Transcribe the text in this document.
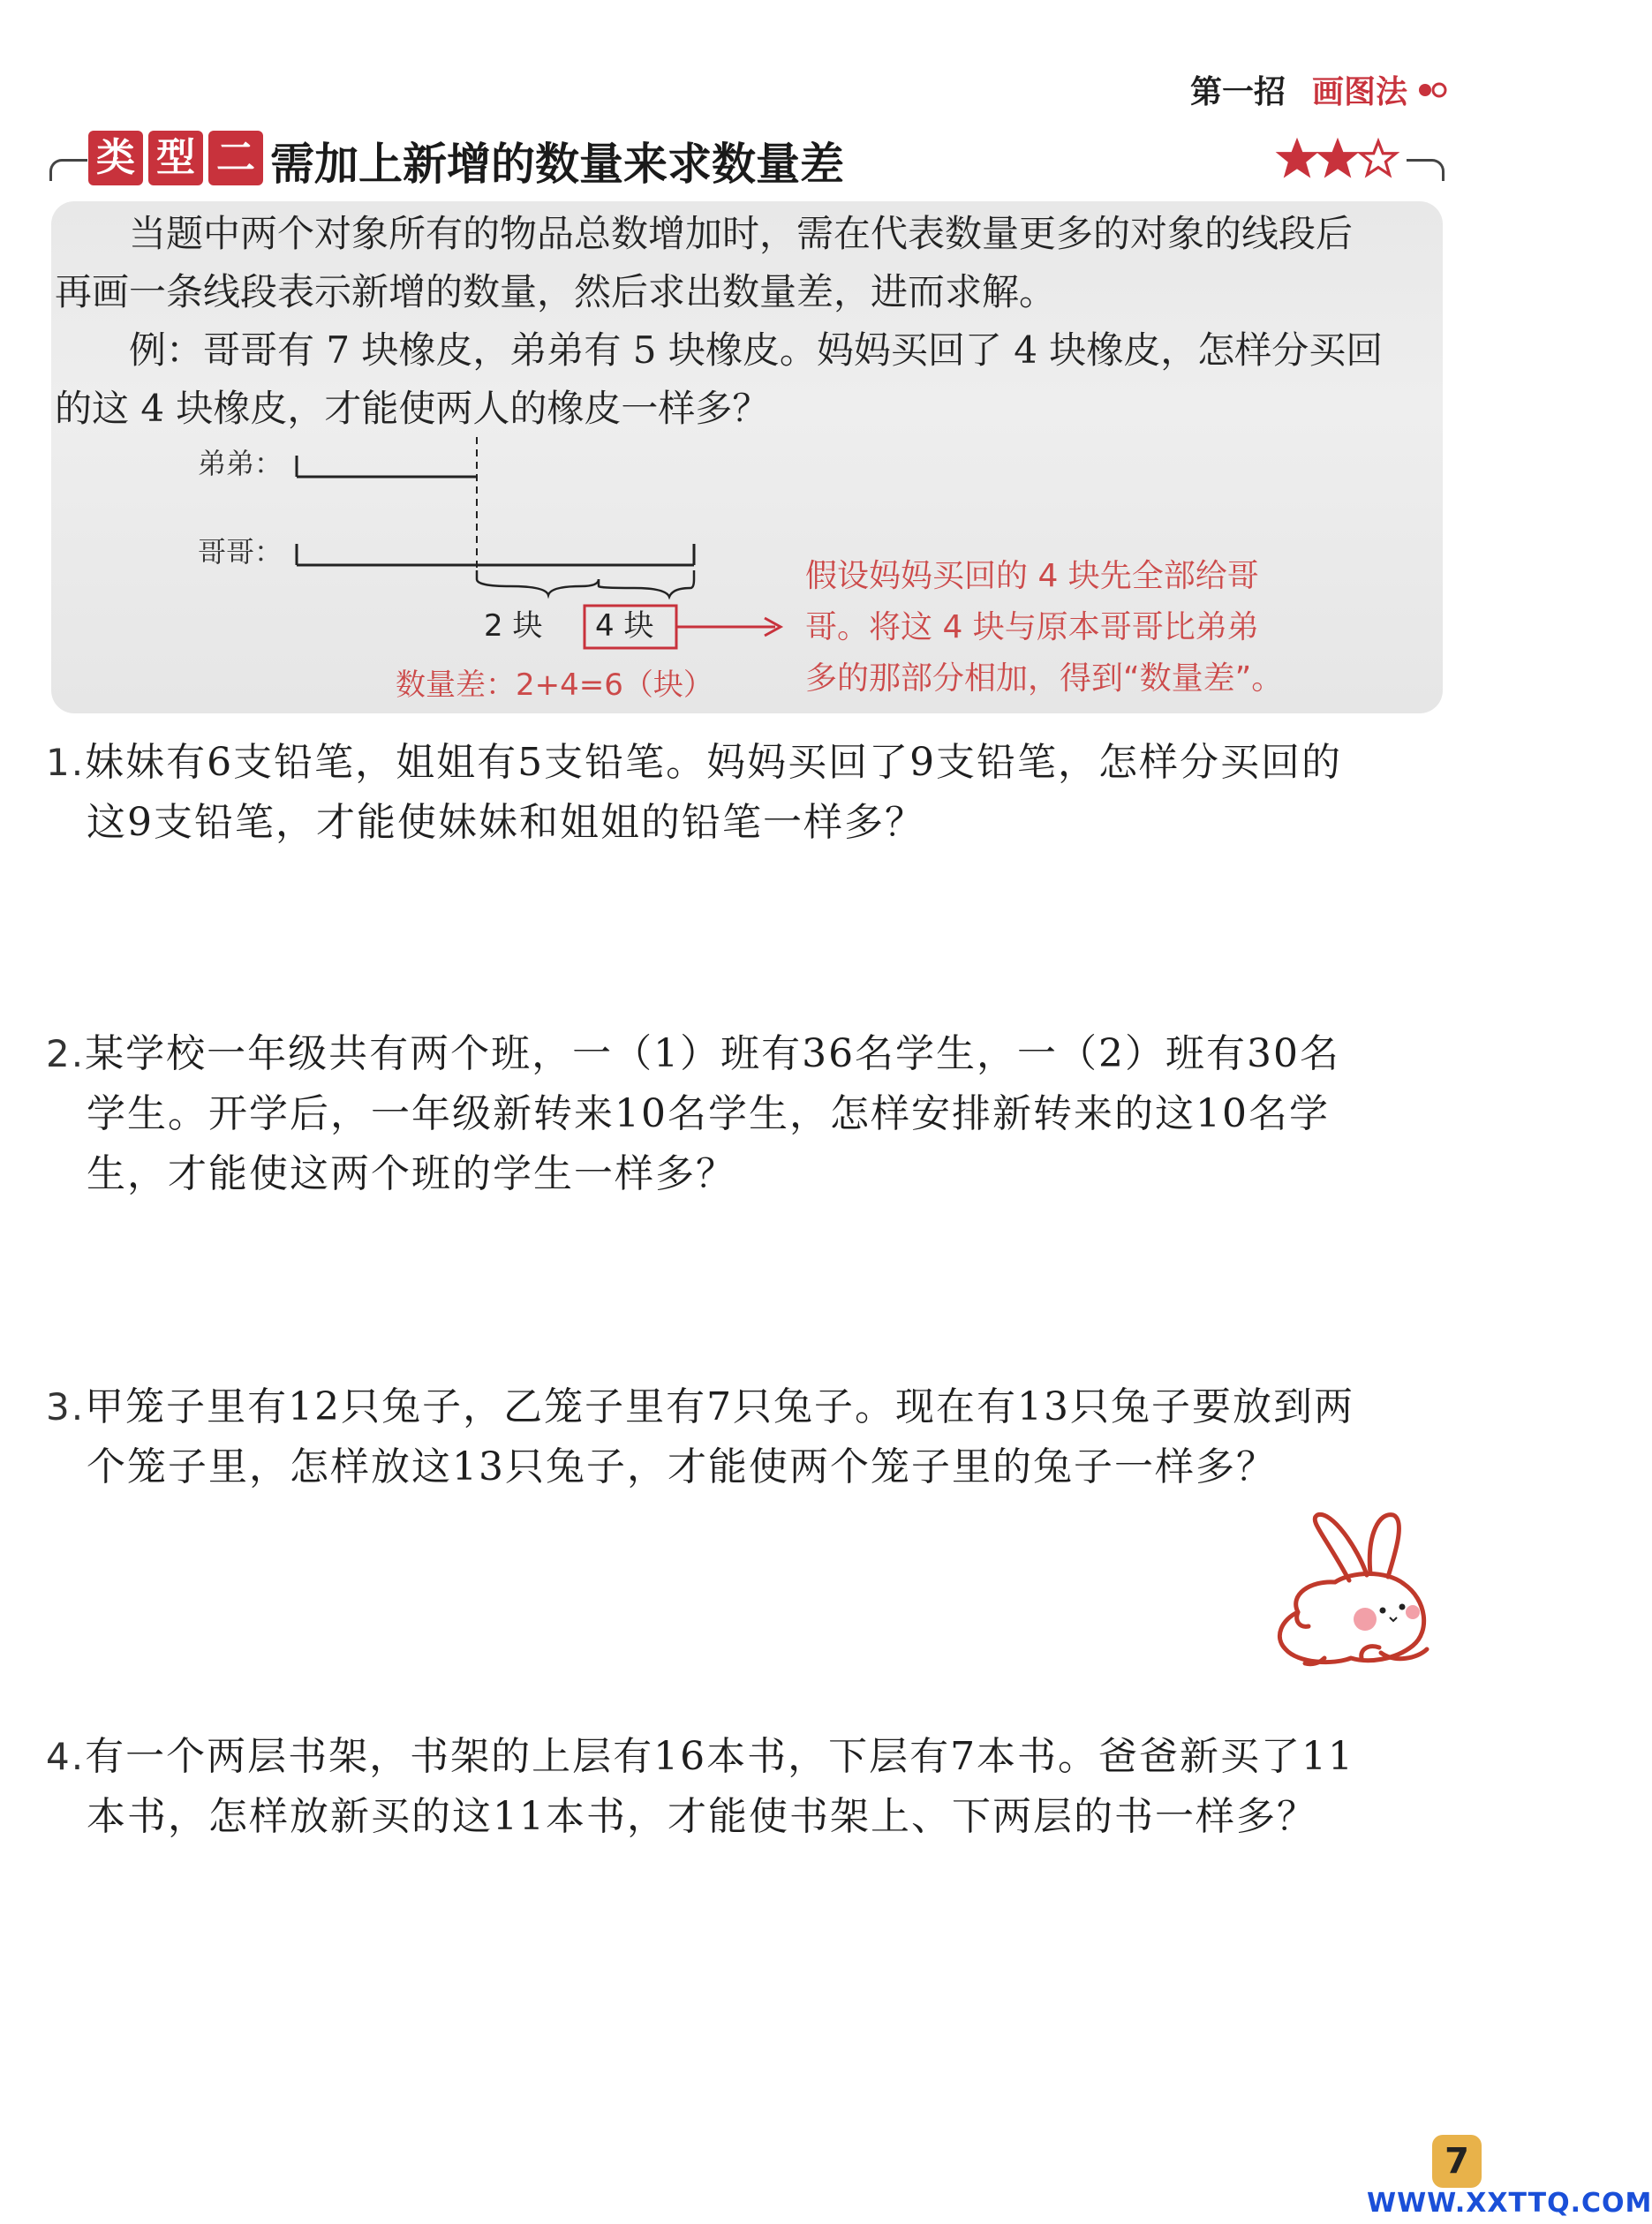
第一招 画图法
类 型 二 需加上新增的数量来求数量差

当题中两个对象所有的物品总数增加时，需在代表数量更多的对象的线段后

再画一条线段表示新增的数量，然后求出数量差，进而求解。

例：哥哥有 7 块橡皮，弟弟有 5 块橡皮。妈妈买回了 4 块橡皮，怎样分买回

的这 4 块橡皮，才能使两人的橡皮一样多？

弟弟：
哥哥：
2 块 4 块
假设妈妈买回的 4 块先全部给哥
哥。将这 4 块与原本哥哥比弟弟
多的那部分相加，得到“数量差”。
数量差：2+4=6（块）
1.妹妹有6支铅笔，姐姐有5支铅笔。妈妈买回了9支铅笔，怎样分买回的
这9支铅笔，才能使妹妹和姐姐的铅笔一样多？
2.某学校一年级共有两个班，一（1）班有36名学生，一（2）班有30名
学生。开学后，一年级新转来10名学生，怎样安排新转来的这10名学
生，才能使这两个班的学生一样多？
3.甲笼子里有12只兔子，乙笼子里有7只兔子。现在有13只兔子要放到两
个笼子里，怎样放这13只兔子，才能使两个笼子里的兔子一样多？
4.有一个两层书架，书架的上层有16本书，下层有7本书。爸爸新买了11
本书，怎样放新买的这11本书，才能使书架上、下两层的书一样多？
7
WWW.XXTTQ.COM
